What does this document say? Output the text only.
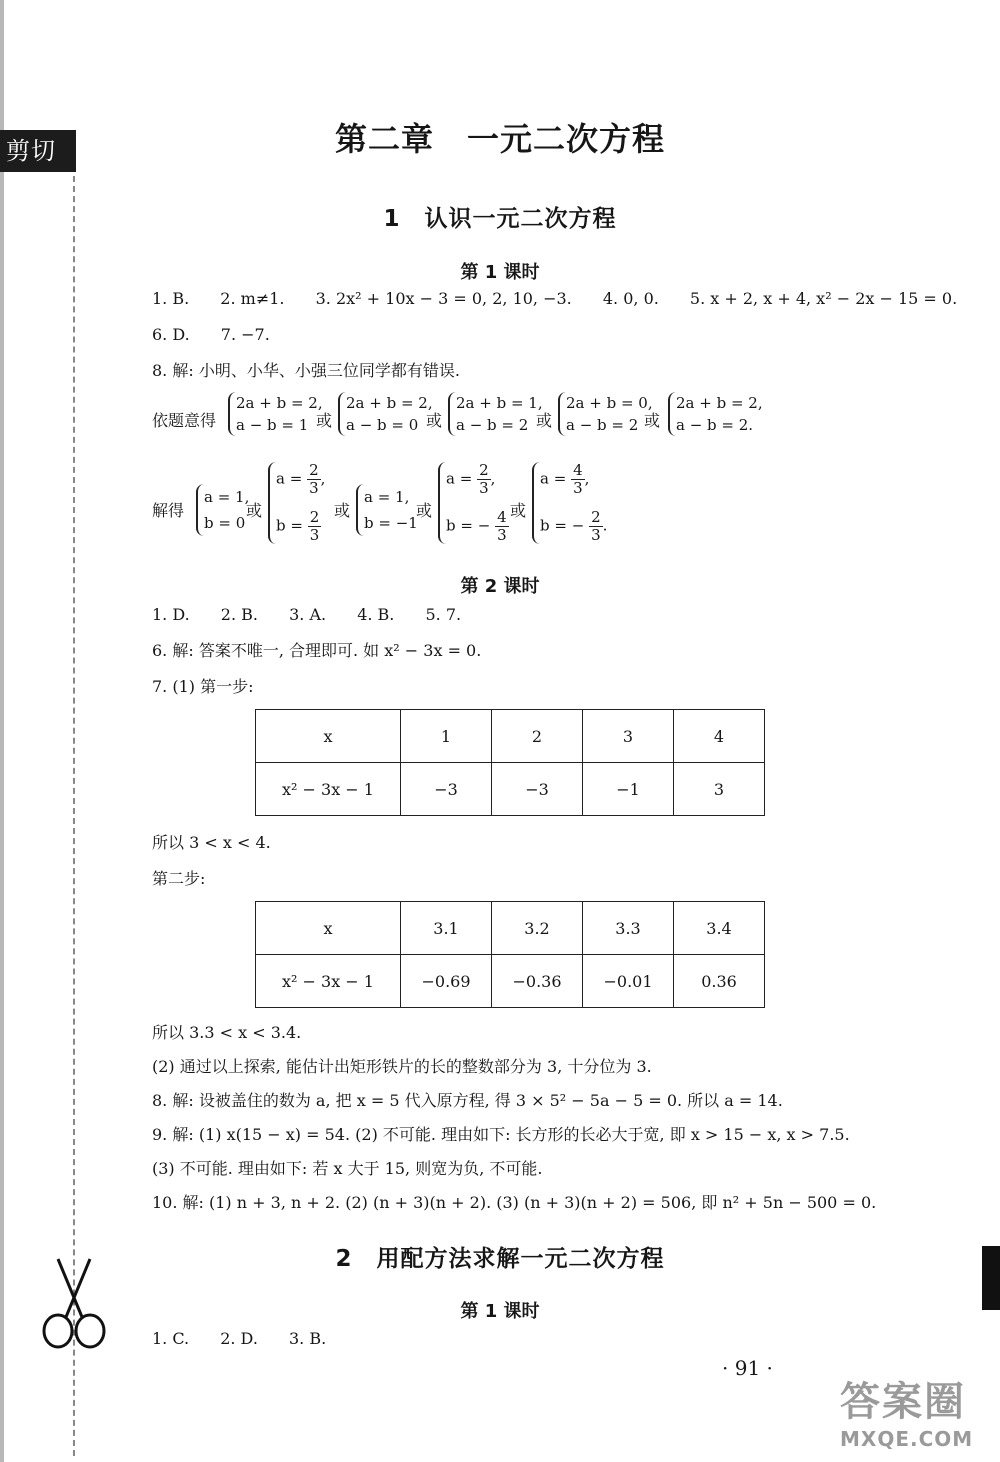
剪切线
第二章　一元二次方程
1　认识一元二次方程
第 1 课时
1. B. 2. m≠1. 3. 2x² + 10x − 3 = 0, 2, 10, −3. 4. 0, 0. 5. x + 2, x + 4, x² − 2x − 15 = 0.
6. D. 7. −7.
8. 解: 小明、小华、小强三位同学都有错误.
依题意得
2a + b = 2,
a − b = 1 或
2a + b = 2,
a − b = 0 或
2a + b = 1,
a − b = 2 或
2a + b = 0,
a − b = 2 或
2a + b = 2,
a − b = 2.
解得
a = 1,
b = 0
或
$a = \frac{2}{3}$ ,
$b = \frac{2}{3}$ 或
a = 1,
b = −1
或
$a = \frac{2}{3}$ ,
b = − $\frac{4}{3}$ 或
$a = \frac{4}{3}$ ,
b = − $\frac{2}{3}$ .
第 2 课时
1. D. 2. B. 3. A. 4. B. 5. 7.
6. 解: 答案不唯一, 合理即可. 如 x² − 3x = 0.
7. (1) 第一步:
x	1	2	3	4
x² − 3x − 1	−3	−3	−1	3
所以 3 < x < 4.
第二步:
x	3.1	3.2	3.3	3.4
x² − 3x − 1	−0.69	−0.36	−0.01	0.36
所以 3.3 < x < 3.4.
(2) 通过以上探索, 能估计出矩形铁片的长的整数部分为 3, 十分位为 3.
8. 解: 设被盖住的数为 a, 把 x = 5 代入原方程, 得 3 × 5² − 5a − 5 = 0. 所以 a = 14.
9. 解: (1) x(15 − x) = 54. (2) 不可能. 理由如下: 长方形的长必大于宽, 即 x > 15 − x, x > 7.5.
(3) 不可能. 理由如下: 若 x 大于 15, 则宽为负, 不可能.
10. 解: (1) n + 3, n + 2. (2) (n + 3)(n + 2). (3) (n + 3)(n + 2) = 506, 即 n² + 5n − 500 = 0.
2　用配方法求解一元二次方程
第 1 课时
1. C. 2. D. 3. B.
· 91 ·
答案圈
MXQE.COM
